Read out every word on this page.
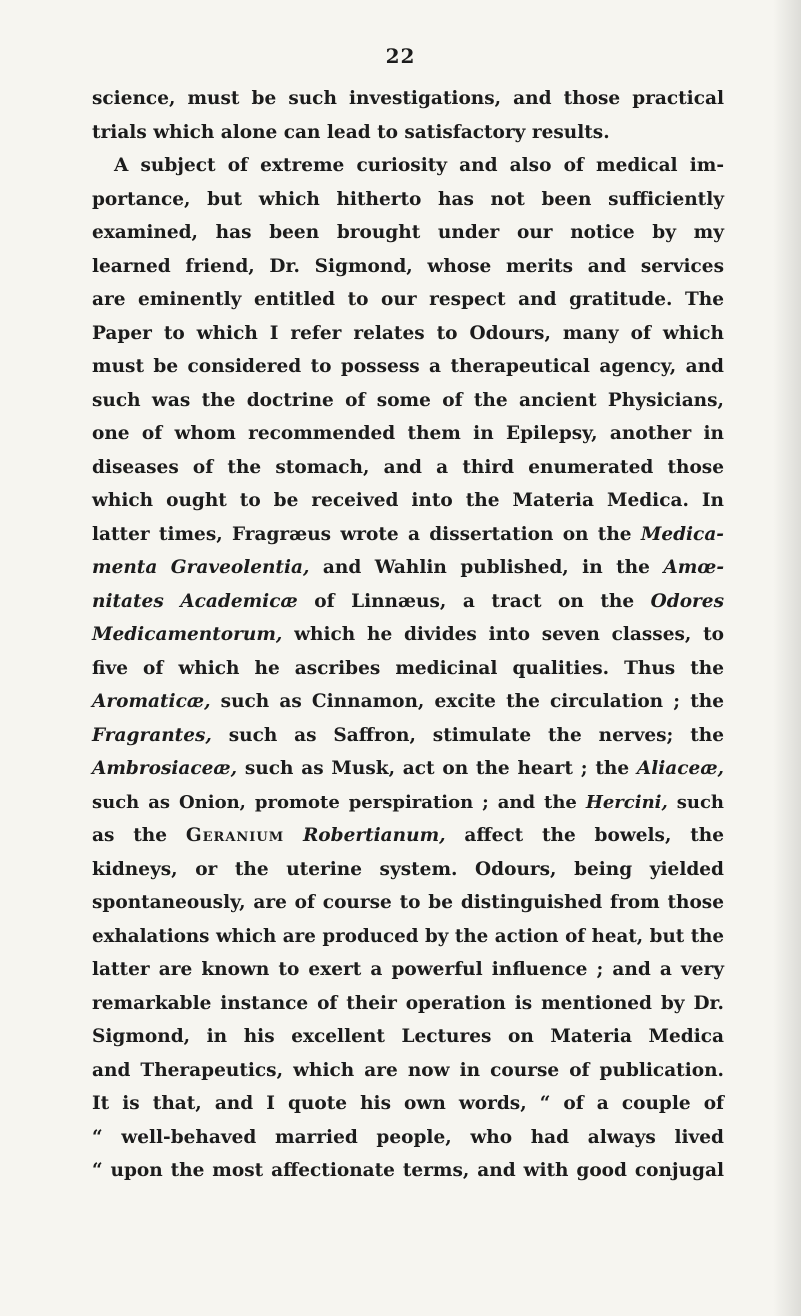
22
science, must be such investigations, and those practical
trials which alone can lead to satisfactory results.
A subject of extreme curiosity and also of medical im-
portance, but which hitherto has not been sufficiently
examined, has been brought under our notice by my
learned friend, Dr. Sigmond, whose merits and services
are eminently entitled to our respect and gratitude. The
Paper to which I refer relates to Odours, many of which
must be considered to possess a therapeutical agency, and
such was the doctrine of some of the ancient Physicians,
one of whom recommended them in Epilepsy, another in
diseases of the stomach, and a third enumerated those
which ought to be received into the Materia Medica. In
latter times, Fragræus wrote a dissertation on the Medica-
menta Graveolentia, and Wahlin published, in the Amœ-
nitates Academicæ of Linnæus, a tract on the Odores
Medicamentorum, which he divides into seven classes, to
five of which he ascribes medicinal qualities. Thus the
Aromaticæ, such as Cinnamon, excite the circulation ; the
Fragrantes, such as Saffron, stimulate the nerves; the
Ambrosiaceæ, such as Musk, act on the heart ; the Aliaceæ,
such as Onion, promote perspiration ; and the Hercini, such
as the Geranium Robertianum, affect the bowels, the
kidneys, or the uterine system. Odours, being yielded
spontaneously, are of course to be distinguished from those
exhalations which are produced by the action of heat, but the
latter are known to exert a powerful influence ; and a very
remarkable instance of their operation is mentioned by Dr.
Sigmond, in his excellent Lectures on Materia Medica
and Therapeutics, which are now in course of publication.
It is that, and I quote his own words, “ of a couple of
“ well-behaved married people, who had always lived
“ upon the most affectionate terms, and with good conjugal
